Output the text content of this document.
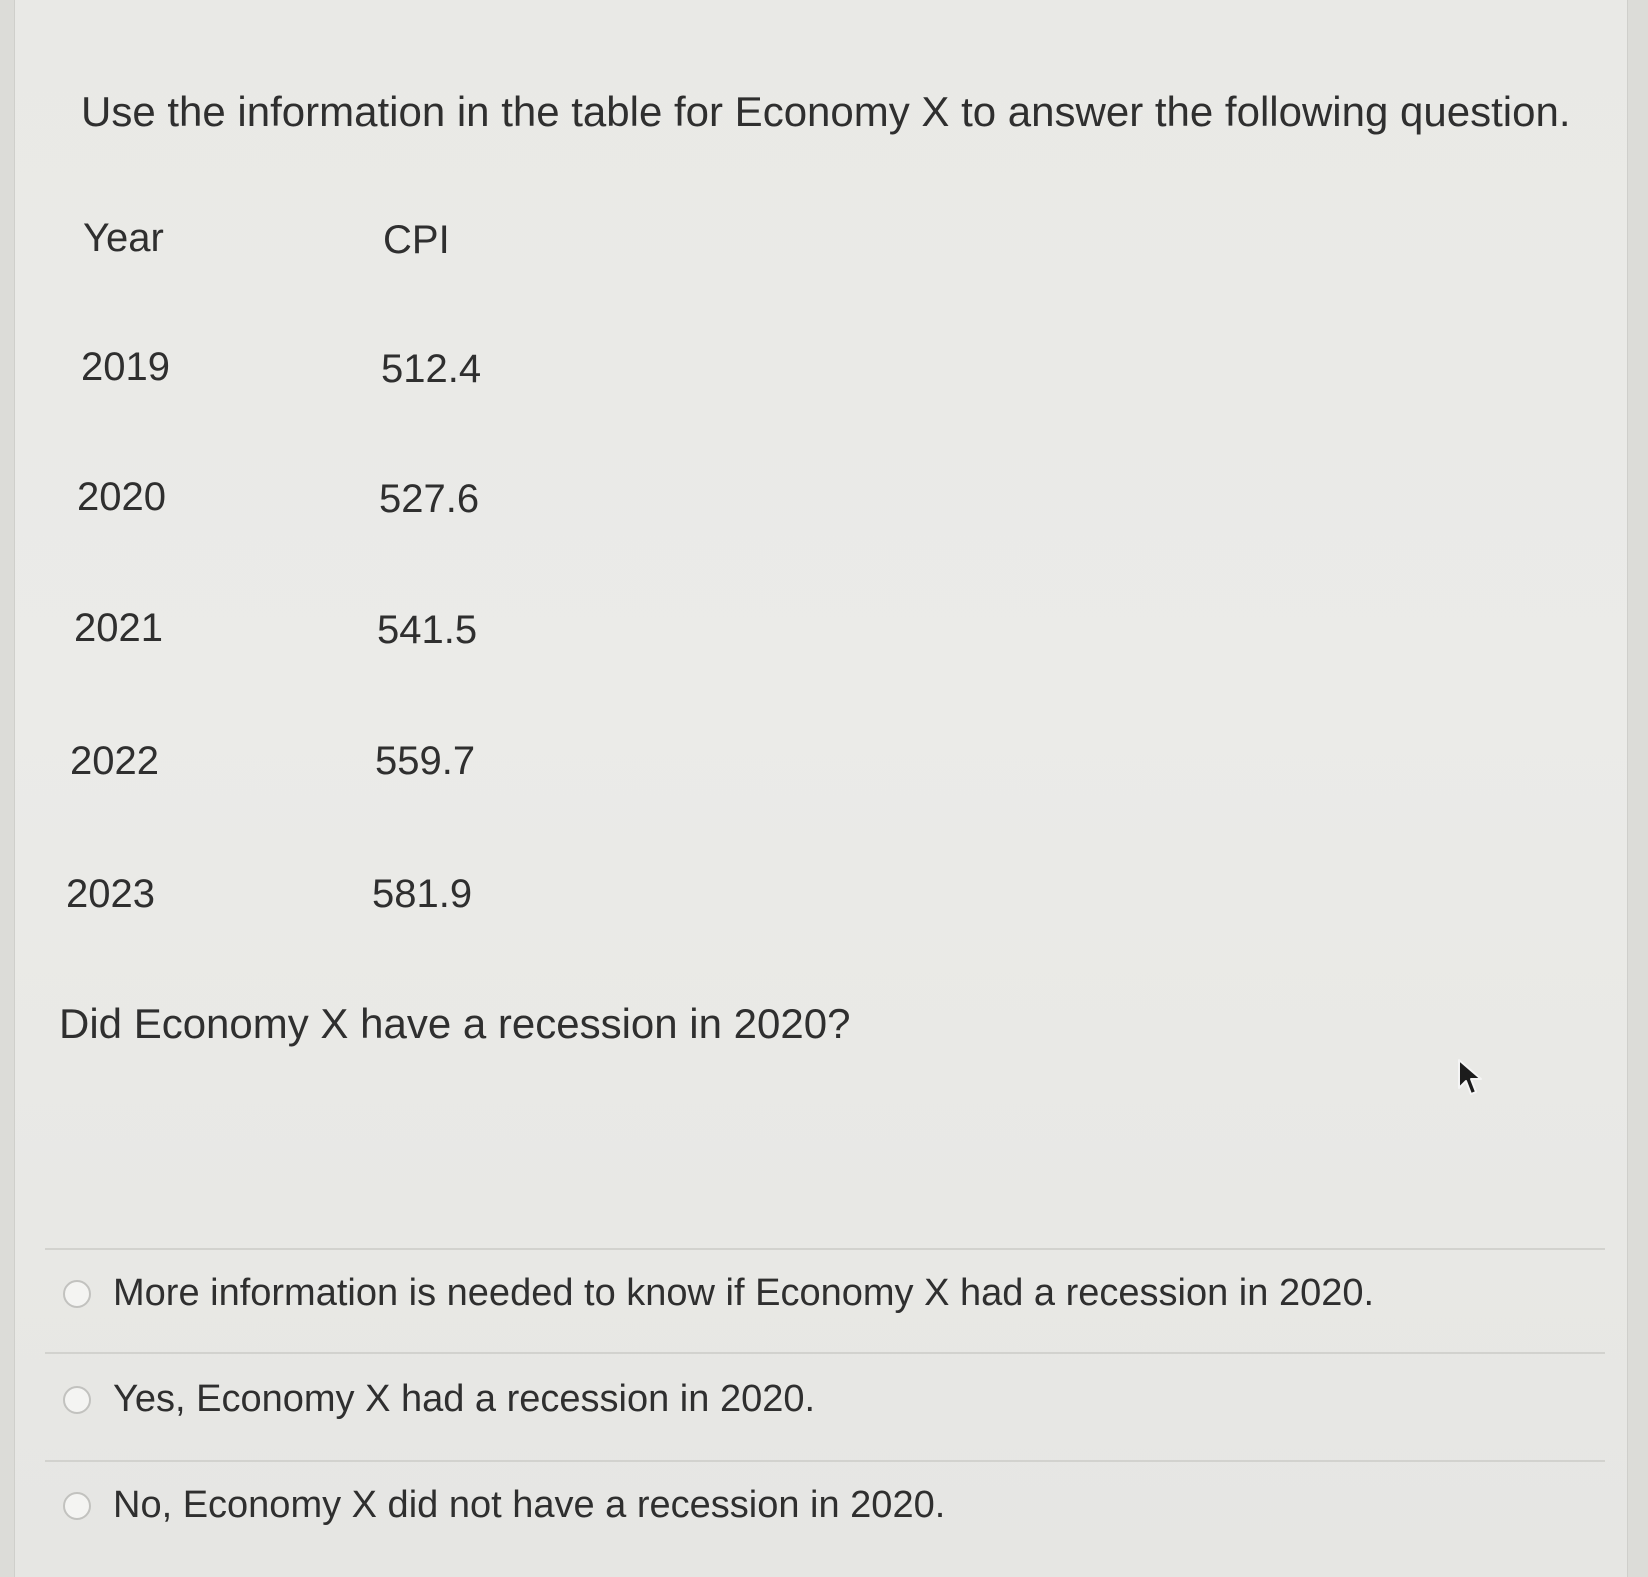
Use the information in the table for Economy X to answer the following question.
Year	CPI
2019	512.4
2020	527.6
2021	541.5
2022	559.7
2023	581.9
Did Economy X have a recession in 2020?
More information is needed to know if Economy X had a recession in 2020.
Yes, Economy X had a recession in 2020.
No, Economy X did not have a recession in 2020.
